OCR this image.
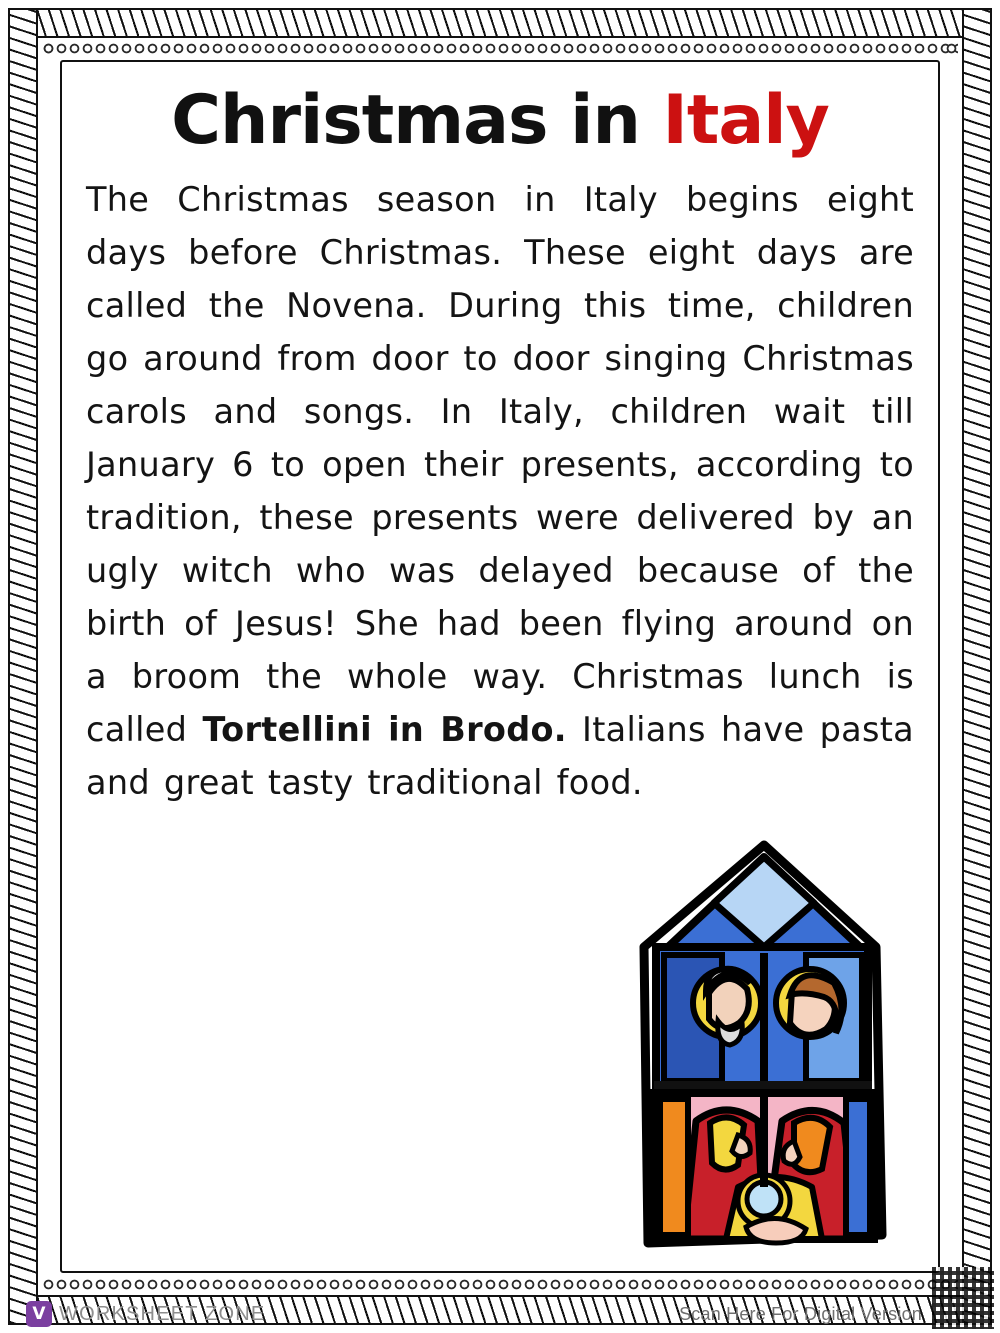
Christmas in Italy

The Christmas season in Italy begins eight days before Christmas. These eight days are called the Novena. During this time, children go around from door to door singing Christmas carols and songs. In Italy, children wait till January 6 to open their presents, according to tradition, these presents were delivered by an ugly witch who was delayed because of the birth of Jesus! She had been flying around on a broom the whole way. Christmas lunch is called Tortellini in Brodo. Italians have pasta and great tasty traditional food.

V WORKSHEET ZONE	Scan Here For Digital Version
